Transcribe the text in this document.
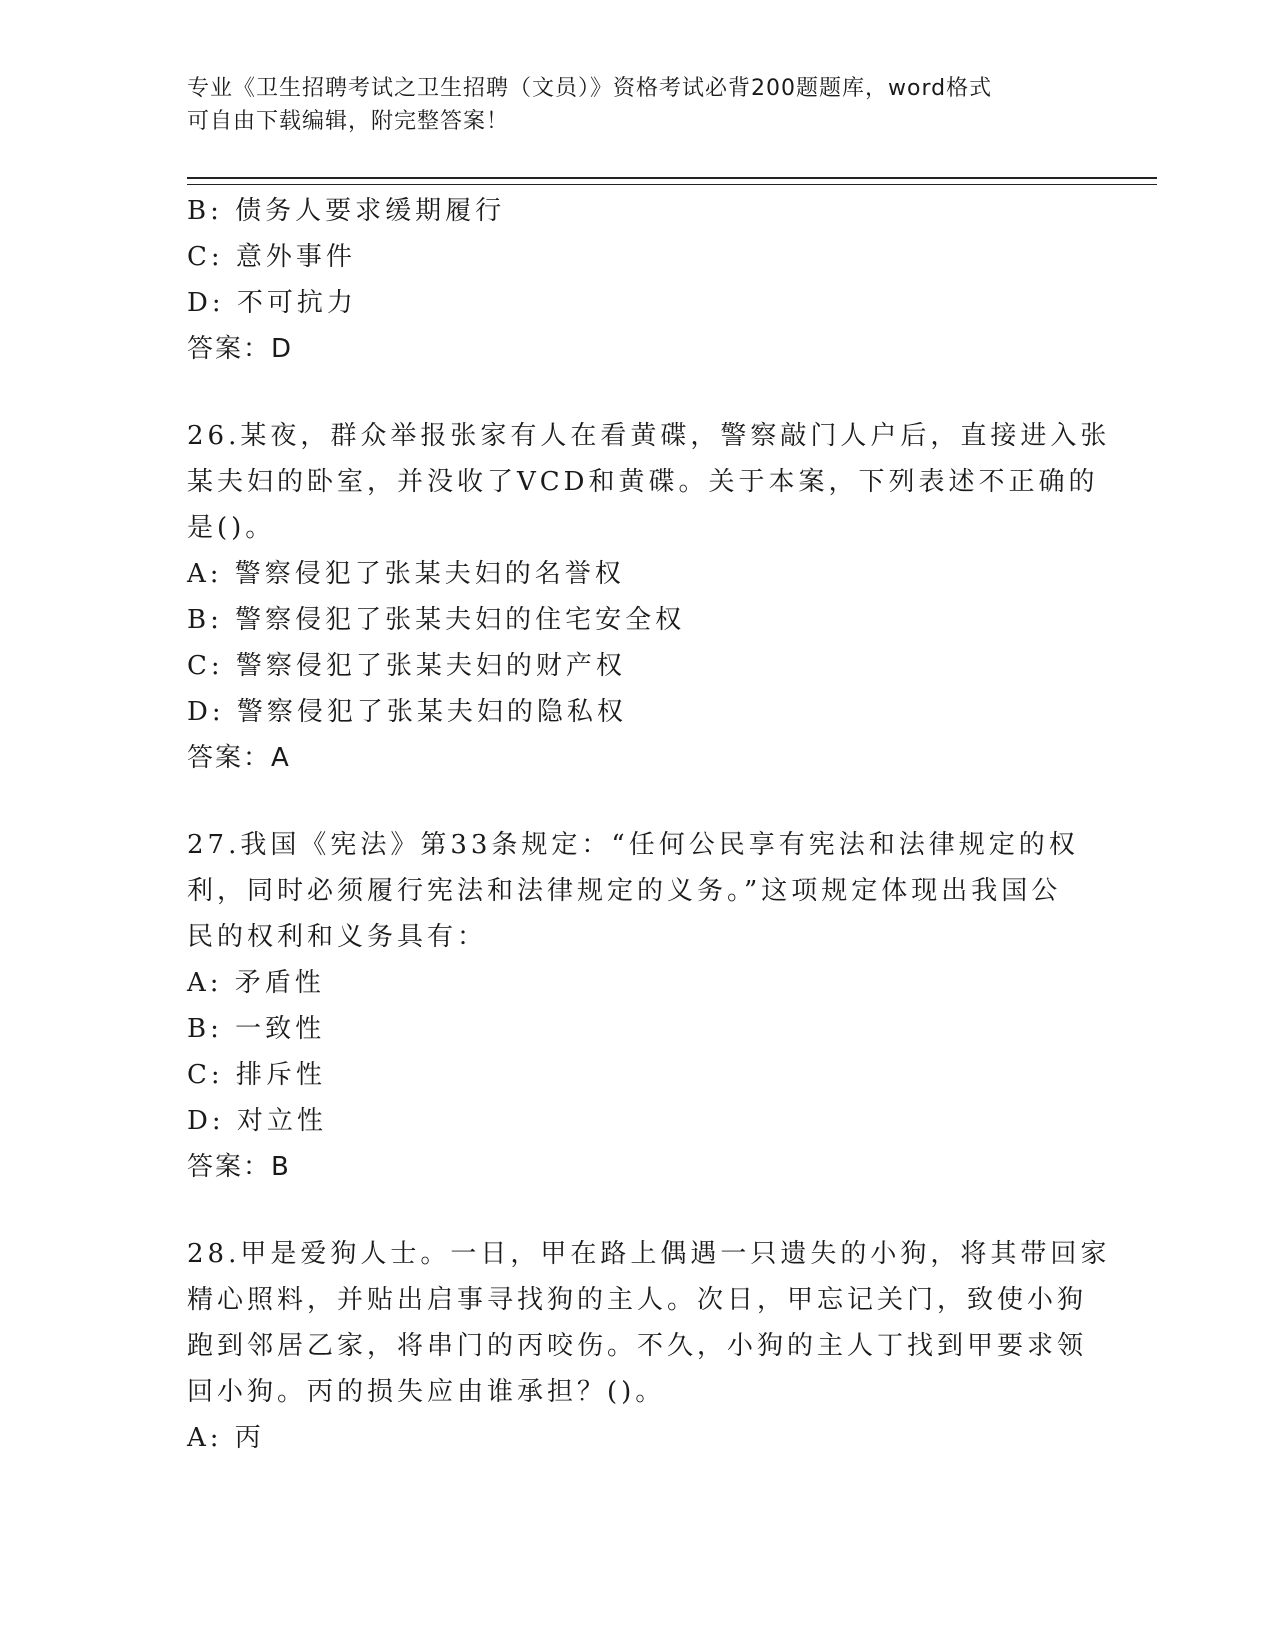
专业《卫生招聘考试之卫生招聘（文员）》资格考试必背200题题库，word格式
可自由下载编辑，附完整答案！
B: 债务人要求缓期履行
C: 意外事件
D: 不可抗力
答案：D
26.某夜，群众举报张家有人在看黄碟，警察敲门人户后，直接进入张
某夫妇的卧室，并没收了VCD和黄碟。关于本案，下列表述不正确的
是()。
A: 警察侵犯了张某夫妇的名誉权
B: 警察侵犯了张某夫妇的住宅安全权
C: 警察侵犯了张某夫妇的财产权
D: 警察侵犯了张某夫妇的隐私权
答案：A
27.我国《宪法》第33条规定：“任何公民享有宪法和法律规定的权
利，同时必须履行宪法和法律规定的义务。”这项规定体现出我国公
民的权利和义务具有：
A: 矛盾性
B: 一致性
C: 排斥性
D: 对立性
答案：B
28.甲是爱狗人士。一日，甲在路上偶遇一只遗失的小狗，将其带回家
精心照料，并贴出启事寻找狗的主人。次日，甲忘记关门，致使小狗
跑到邻居乙家，将串门的丙咬伤。不久，小狗的主人丁找到甲要求领
回小狗。丙的损失应由谁承担？()。
A: 丙
